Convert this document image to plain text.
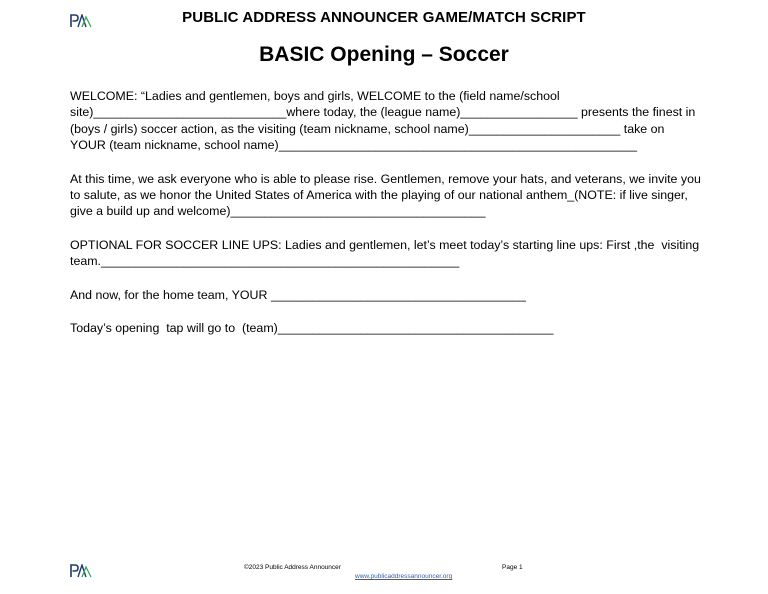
PUBLIC ADDRESS ANNOUNCER GAME/MATCH SCRIPT
BASIC Opening – Soccer

WELCOME: “Ladies and gentlemen, boys and girls, WELCOME to the (field name/school site)____________________________where today, the (league name)_________________ presents the finest in (boys / girls) soccer action, as the visiting (team nickname, school name)______________________ take on YOUR (team nickname, school name)____________________________________________________

At this time, we ask everyone who is able to please rise. Gentlemen, remove your hats, and veterans, we invite you to salute, as we honor the United States of America with the playing of our national anthem_(NOTE: if live singer, give a build up and welcome)_____________________________________

OPTIONAL FOR SOCCER LINE UPS: Ladies and gentlemen, let’s meet today’s starting line ups: First ,the  visiting team.____________________________________________________

And now, for the home team, YOUR _____________________________________

Today’s opening  tap will go to  (team)________________________________________

©2023 Public Address Announcer	Page 1
www.publicaddressannouncer.org
